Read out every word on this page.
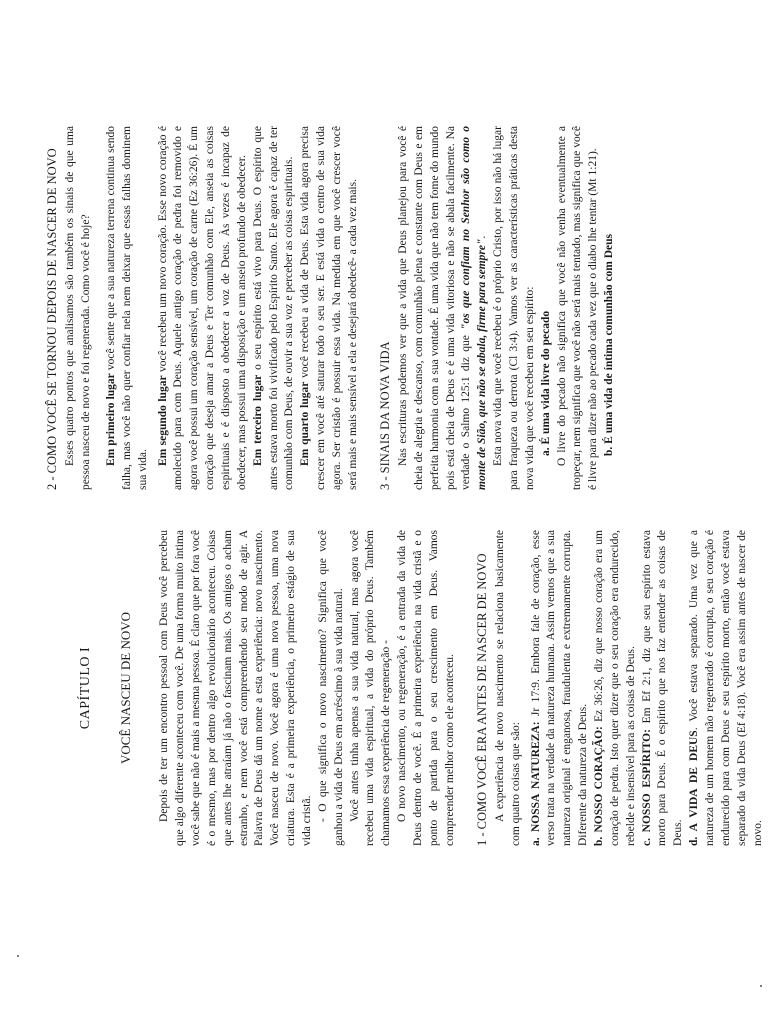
CAPÍTULO I VOCÊ NASCEU DE NOVO Depois de ter um encontro pessoal com Deus você percebeu que algo diferente aconteceu com você. De uma forma muito íntima você sabe que não é mais a mesma pessoa. É claro que por fora você é o mesmo, mas por dentro algo revolucionário aconteceu. Coisas que antes lhe atraíam já não o fascinam mais. Os amigos o acham estranho, e nem você está compreendendo seu modo de agir. A Palavra de Deus dá um nome a esta experiência: novo nascimento. Você nasceu de novo. Você agora é uma nova pessoa, uma nova criatura. Esta é a primeira experiência, o primeiro estágio de sua vida cristã. - O que significa o novo nascimento? Significa que você ganhou a vida de Deus em acréscimo à sua vida natural. Você antes tinha apenas a sua vida natural, mas agora você recebeu uma vida espiritual, a vida do próprio Deus. Também chamamos essa experiência de regeneração - O novo nascimento, ou regeneração, é a entrada da vida de Deus dentro de você. É a primeira experiência na vida cristã e o ponto de partida para o seu crescimento em Deus. Vamos compreender melhor como ele aconteceu. 1 - COMO VOCÊ ERA ANTES DE NASCER DE NOVO A experiência de novo nascimento se relaciona basicamente com quatro coisas que são: a. NOSSA NATUREZA: Jr 17:9. Embora fale de coração, esse verso trata na verdade da natureza humana. Assim vemos que a sua natureza original é enganosa, fraudulenta e extremamente corrupta. Diferente da natureza de Deus. b. NOSSO CORAÇÃO: Ez 36:26, diz que nosso coração era um coração de pedra. Isto quer dizer que o seu coração era endurecido, rebelde e insensível para as coisas de Deus. c. NOSSO ESPÍRITO: Em Ef 2:1, diz que seu espírito estava morto para Deus. É o espírito que nos faz entender as coisas de Deus. d. A VIDA DE DEUS. Você estava separado. Uma vez que a natureza de um homem não regenerado é corrupta, o seu coração é endurecido para com Deus e seu espírito morto, então você estava separado da vida Deus (Ef 4:18). Você era assim antes de nascer de novo.

2 - COMO VOCÊ SE TORNOU DEPOIS DE NASCER DE NOVO Esses quatro pontos que analisamos são também os sinais de que uma pessoa nasceu de novo e foi regenerada. Como você é hoje? Em primeiro lugar você sente que a sua natureza terrena continua sendo falha, mas você não quer confiar nela nem deixar que essas falhas dominem sua vida.

Em segundo lugar você recebeu um novo coração. Esse novo coração é amolecido para com Deus. Aquele antigo coração de pedra foi removido e agora você possui um coração sensível, um coração de carne (Ez 36:26). É um coração que deseja amar a Deus e Ter comunhão com Ele, anseia as coisas espirituais e é disposto a obedecer a voz de Deus. Às vezes é incapaz de obedecer, mas possui uma disposição e um anseio profundo de obedecer. Em terceiro lugar o seu espírito está vivo para Deus. O espírito que antes estava morto foi vivificado pelo Espírito Santo. Ele agora é capaz de ter comunhão com Deus, de ouvir a sua voz e perceber as coisas espirituais. Em quarto lugar você recebeu a vida de Deus. Esta vida agora precisa crescer em você até saturar todo o seu ser. E está vida o centro de sua vida agora. Ser cristão é possuir essa vida. Na medida em que você crescer você será mais e mais sensível a ela e desejará obedecê- a cada vez mais. 3 - SINAIS DA NOVA VIDA Nas escrituras podemos ver que a vida que Deus planejou para você é cheia de alegria e descanso, com comunhão plena e constante com Deus e em perfeita harmonia com a sua vontade. É uma vida que não tem fome do mundo pois está cheia de Deus e é uma vida vitoriosa e não se abala facilmente. Na verdade o Salmo 125:1 diz que "os que confiam no Senhor são como o monte de Sião, que não se abala, firme para sempre". Esta nova vida que você recebeu é o próprio Cristo, por isso não há lugar para fraqueza ou derrota (Cl 3:4). Vamos ver as características práticas desta nova vida que você recebeu em seu espírito: a. É uma vida livre do pecado O livre do pecado não significa que você não venha eventualmente a tropeçar, nem significa que você não será mais tentado, mas significa que você é livre para dizer não ao pecado cada vez que o diabo lhe tentar (Mt 1:21). b. É uma vida de íntima comunhão com Deus
